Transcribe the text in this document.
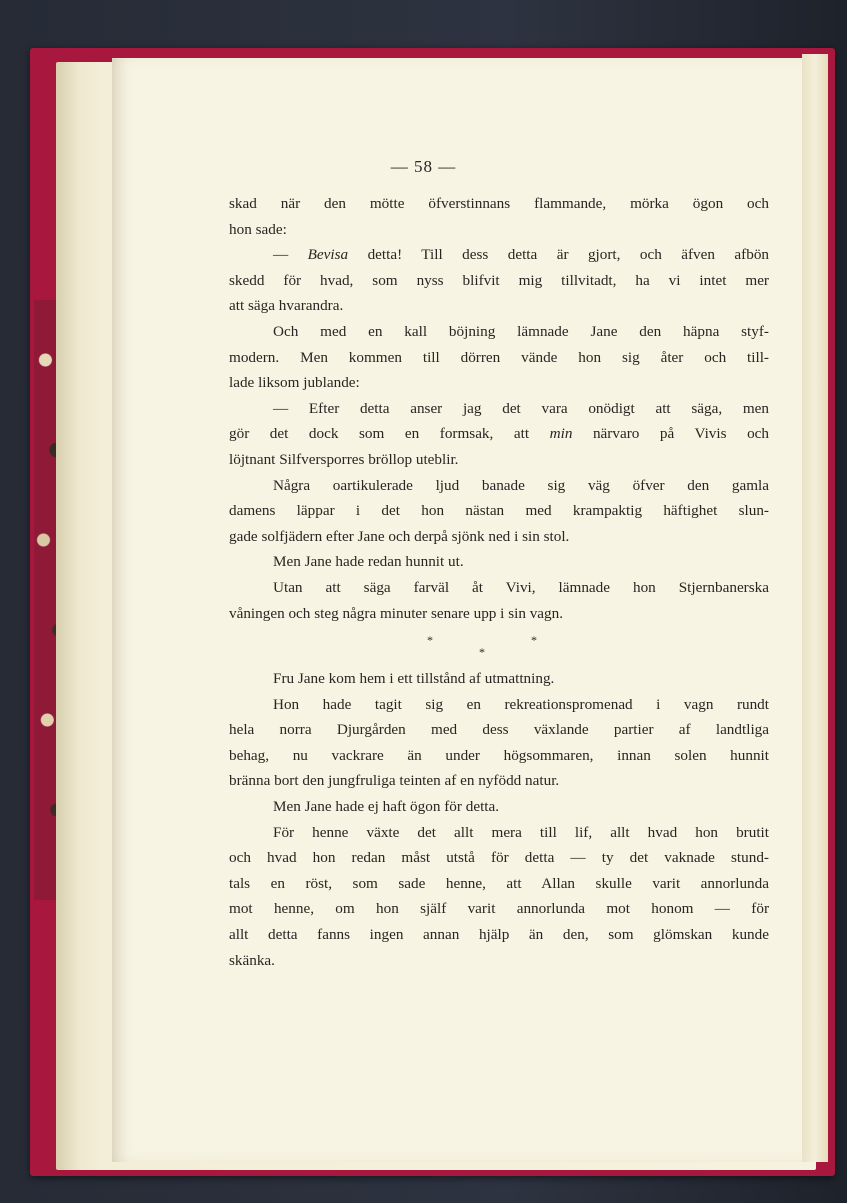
— 58 —
skad när den mötte öfverstinnans flammande, mörka ögon och
hon sade:
— Bevisa detta! Till dess detta är gjort, och äfven afbön
skedd för hvad, som nyss blifvit mig tillvitadt, ha vi intet mer
att säga hvarandra.
Och med en kall böjning lämnade Jane den häpna styf-
modern. Men kommen till dörren vände hon sig åter och till-
lade liksom jublande:
— Efter detta anser jag det vara onödigt att säga, men
gör det dock som en formsak, att min närvaro på Vivis och
löjtnant Silfversporres bröllop uteblir.
Några oartikulerade ljud banade sig väg öfver den gamla
damens läppar i det hon nästan med krampaktig häftighet slun-
gade solfjädern efter Jane och derpå sjönk ned i sin stol.
Men Jane hade redan hunnit ut.
Utan att säga farväl åt Vivi, lämnade hon Stjernbanerska
våningen och steg några minuter senare upp i sin vagn.
*
*
*
Fru Jane kom hem i ett tillstånd af utmattning.
Hon hade tagit sig en rekreationspromenad i vagn rundt
hela norra Djurgården med dess växlande partier af landtliga
behag, nu vackrare än under högsommaren, innan solen hunnit
bränna bort den jungfruliga teinten af en nyfödd natur.
Men Jane hade ej haft ögon för detta.
För henne växte det allt mera till lif, allt hvad hon brutit
och hvad hon redan måst utstå för detta — ty det vaknade stund-
tals en röst, som sade henne, att Allan skulle varit annorlunda
mot henne, om hon själf varit annorlunda mot honom — för
allt detta fanns ingen annan hjälp än den, som glömskan kunde
skänka.
